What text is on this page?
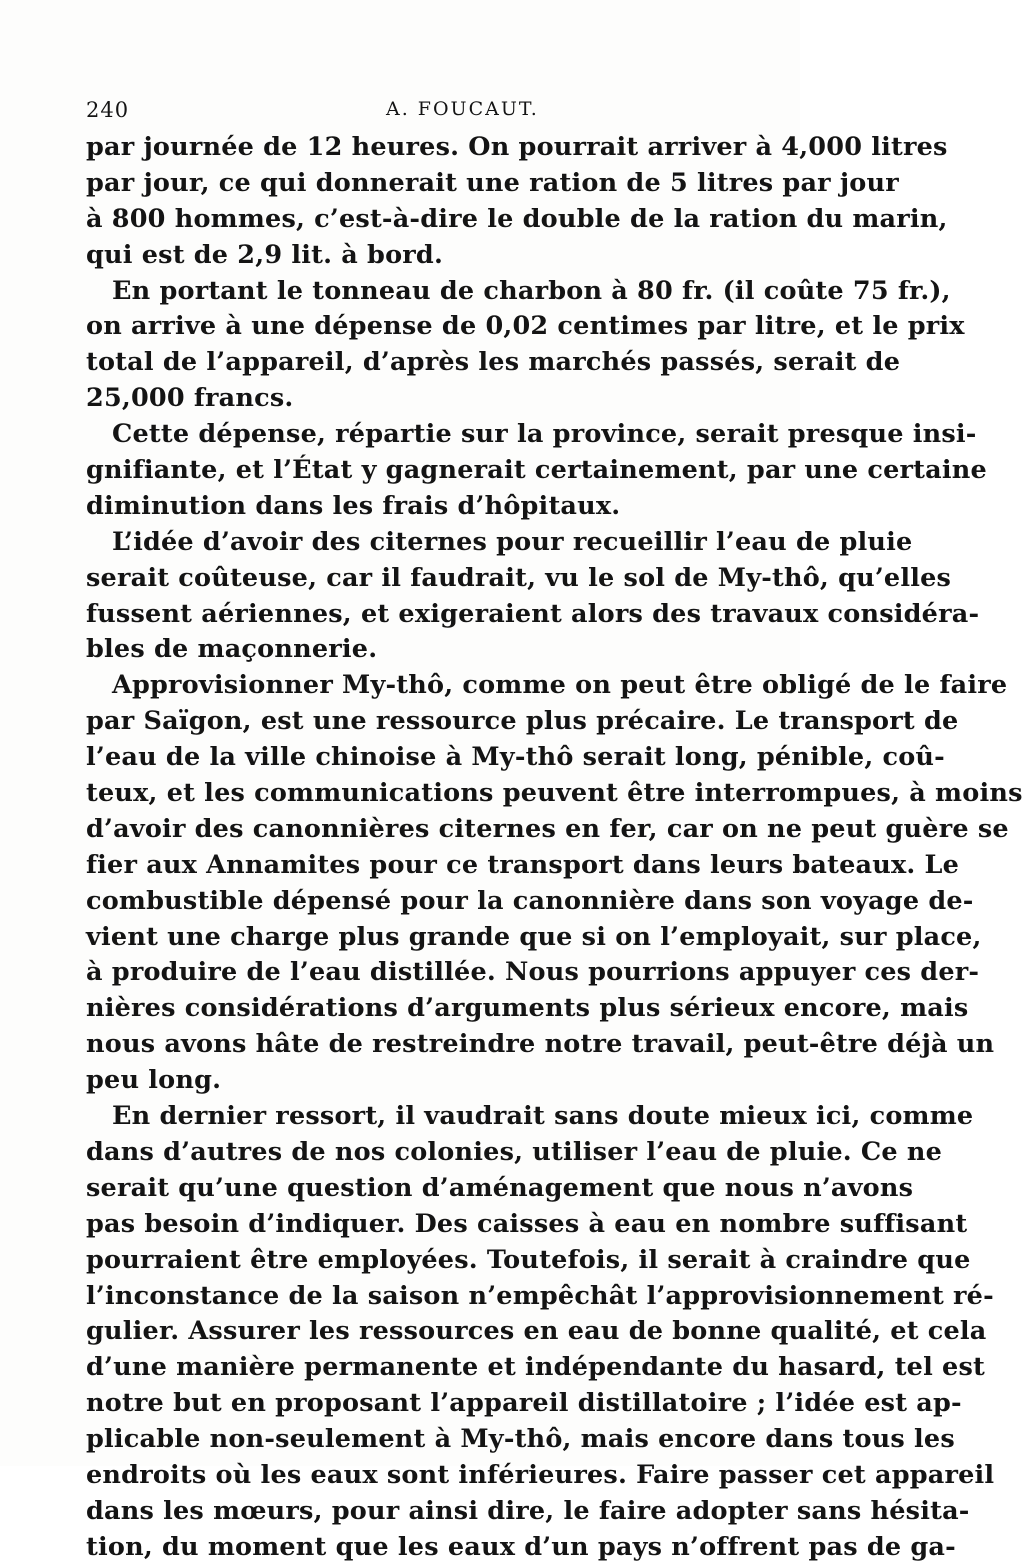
240	A. FOUCAUT.

par journée de 12 heures. On pourrait arriver à 4,000 litres
par jour, ce qui donnerait une ration de 5 litres par jour
à 800 hommes, c’est-à-dire le double de la ration du marin,
qui est de 2,9 lit. à bord.

En portant le tonneau de charbon à 80 fr. (il coûte 75 fr.),
on arrive à une dépense de 0,02 centimes par litre, et le prix
total de l’appareil, d’après les marchés passés, serait de
25,000 francs.

Cette dépense, répartie sur la province, serait presque insi-
gnifiante, et l’État y gagnerait certainement, par une certaine
diminution dans les frais d’hôpitaux.

L’idée d’avoir des citernes pour recueillir l’eau de pluie
serait coûteuse, car il faudrait, vu le sol de My-thô, qu’elles
fussent aériennes, et exigeraient alors des travaux considéra-
bles de maçonnerie.

Approvisionner My-thô, comme on peut être obligé de le faire
par Saïgon, est une ressource plus précaire. Le transport de
l’eau de la ville chinoise à My-thô serait long, pénible, coû-
teux, et les communications peuvent être interrompues, à moins
d’avoir des canonnières citernes en fer, car on ne peut guère se
fier aux Annamites pour ce transport dans leurs bateaux. Le
combustible dépensé pour la canonnière dans son voyage de-
vient une charge plus grande que si on l’employait, sur place,
à produire de l’eau distillée. Nous pourrions appuyer ces der-
nières considérations d’arguments plus sérieux encore, mais
nous avons hâte de restreindre notre travail, peut-être déjà un
peu long.

En dernier ressort, il vaudrait sans doute mieux ici, comme
dans d’autres de nos colonies, utiliser l’eau de pluie. Ce ne
serait qu’une question d’aménagement que nous n’avons
pas besoin d’indiquer. Des caisses à eau en nombre suffisant
pourraient être employées. Toutefois, il serait à craindre que
l’inconstance de la saison n’empêchât l’approvisionnement ré-
gulier. Assurer les ressources en eau de bonne qualité, et cela
d’une manière permanente et indépendante du hasard, tel est
notre but en proposant l’appareil distillatoire ; l’idée est ap-
plicable non-seulement à My-thô, mais encore dans tous les
endroits où les eaux sont inférieures. Faire passer cet appareil
dans les mœurs, pour ainsi dire, le faire adopter sans hésita-
tion, du moment que les eaux d’un pays n’offrent pas de ga-
